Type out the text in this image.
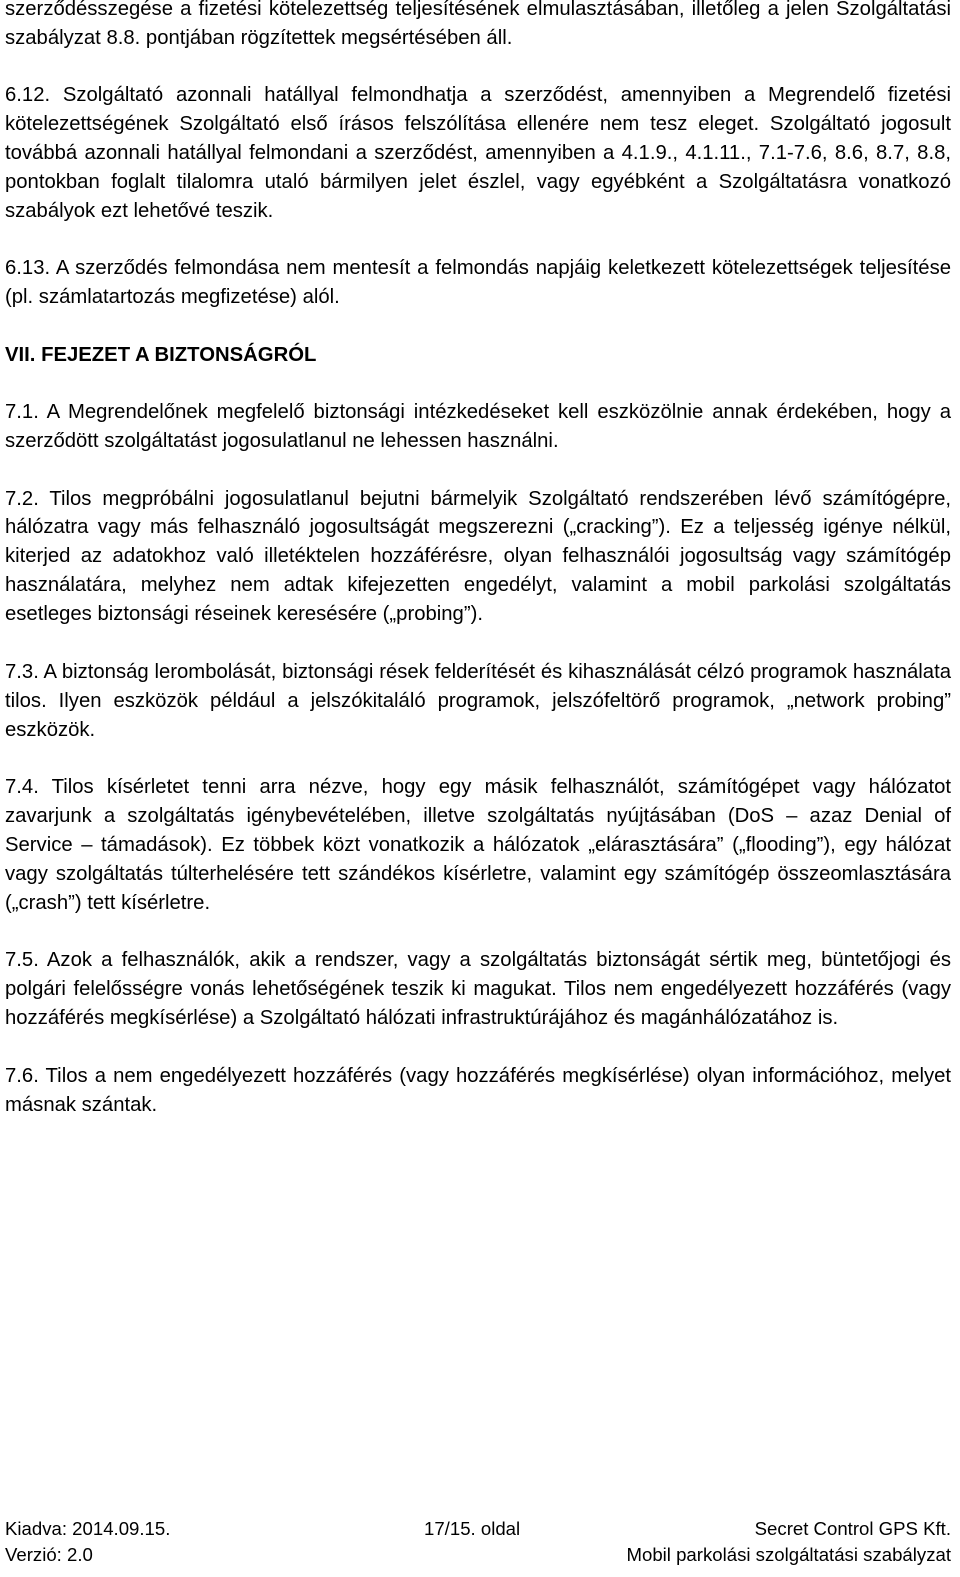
szerződésszegése a fizetési kötelezettség teljesítésének elmulasztásában, illetőleg a jelen Szolgáltatási szabályzat 8.8. pontjában rögzítettek megsértésében áll.

6.12. Szolgáltató azonnali hatállyal felmondhatja a szerződést, amennyiben a Megrendelő fizetési kötelezettségének Szolgáltató első írásos felszólítása ellenére nem tesz eleget. Szolgáltató jogosult továbbá azonnali hatállyal felmondani a szerződést, amennyiben a 4.1.9., 4.1.11., 7.1-7.6, 8.6, 8.7, 8.8, pontokban foglalt tilalomra utaló bármilyen jelet észlel, vagy egyébként a Szolgáltatásra vonatkozó szabályok ezt lehetővé teszik.

6.13. A szerződés felmondása nem mentesít a felmondás napjáig keletkezett kötelezettségek teljesítése (pl. számlatartozás megfizetése) alól.

VII. FEJEZET A BIZTONSÁGRÓL

7.1. A Megrendelőnek megfelelő biztonsági intézkedéseket kell eszközölnie annak érdekében, hogy a szerződött szolgáltatást jogosulatlanul ne lehessen használni.

7.2. Tilos megpróbálni jogosulatlanul bejutni bármelyik Szolgáltató rendszerében lévő számítógépre, hálózatra vagy más felhasználó jogosultságát megszerezni („cracking”). Ez a teljesség igénye nélkül, kiterjed az adatokhoz való illetéktelen hozzáférésre, olyan felhasználói jogosultság vagy számítógép használatára, melyhez nem adtak kifejezetten engedélyt, valamint a mobil parkolási szolgáltatás esetleges biztonsági réseinek keresésére („probing”).

7.3. A biztonság lerombolását, biztonsági rések felderítését és kihasználását célzó programok használata tilos. Ilyen eszközök például a jelszókitaláló programok, jelszófeltörő programok, „network probing” eszközök.

7.4. Tilos kísérletet tenni arra nézve, hogy egy másik felhasználót, számítógépet vagy hálózatot zavarjunk a szolgáltatás igénybevételében, illetve szolgáltatás nyújtásában (DoS – azaz Denial of Service – támadások). Ez többek közt vonatkozik a hálózatok „elárasztására” („flooding”), egy hálózat vagy szolgáltatás túlterhelésére tett szándékos kísérletre, valamint egy számítógép összeomlasztására („crash”) tett kísérletre.

7.5. Azok a felhasználók, akik a rendszer, vagy a szolgáltatás biztonságát sértik meg, büntetőjogi és polgári felelősségre vonás lehetőségének teszik ki magukat. Tilos nem engedélyezett hozzáférés (vagy hozzáférés megkísérlése) a Szolgáltató hálózati infrastruktúrájához és magánhálózatához is.

7.6. Tilos a nem engedélyezett hozzáférés (vagy hozzáférés megkísérlése) olyan információhoz, melyet másnak szántak.

Kiadva: 2014.09.15.	17/15. oldal	Secret Control GPS Kft.
Verzió: 2.0	Mobil parkolási szolgáltatási szabályzat
